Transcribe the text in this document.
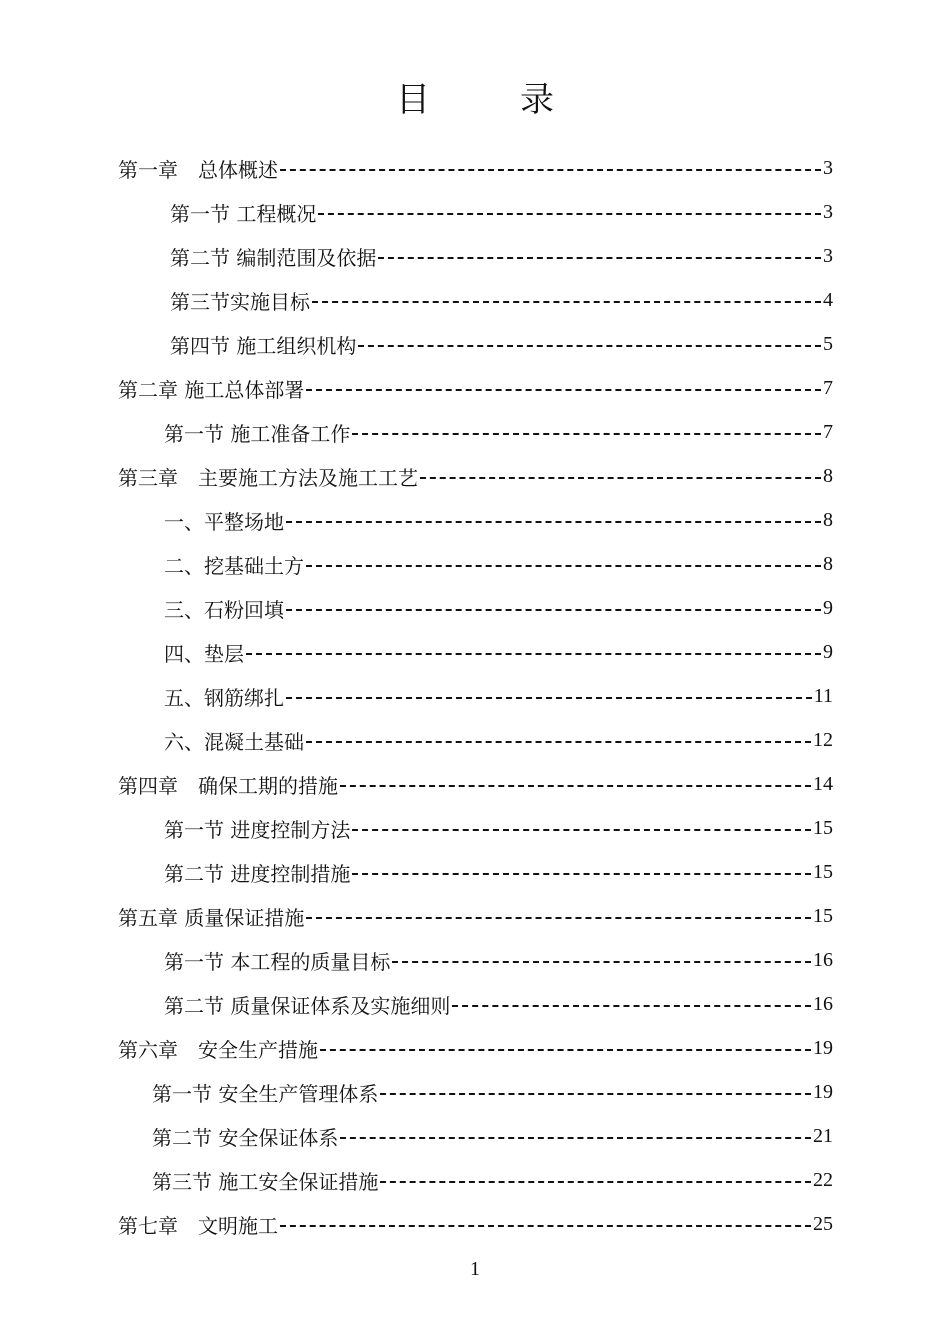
目	录
第一章　总体概述	3
第一节 工程概况	3
第二节 编制范围及依据	3
第三节实施目标	4
第四节 施工组织机构	5
第二章 施工总体部署	7
第一节 施工准备工作	7
第三章　主要施工方法及施工工艺	8
一、平整场地	8
二、挖基础土方	8
三、石粉回填	9
四、垫层	9
五、钢筋绑扎	11
六、混凝土基础	12
第四章　确保工期的措施	14
第一节 进度控制方法	15
第二节 进度控制措施	15
第五章 质量保证措施	15
第一节 本工程的质量目标	16
第二节 质量保证体系及实施细则	16
第六章　安全生产措施	19
第一节 安全生产管理体系	19
第二节 安全保证体系	21
第三节 施工安全保证措施	22
第七章　文明施工	25
1
